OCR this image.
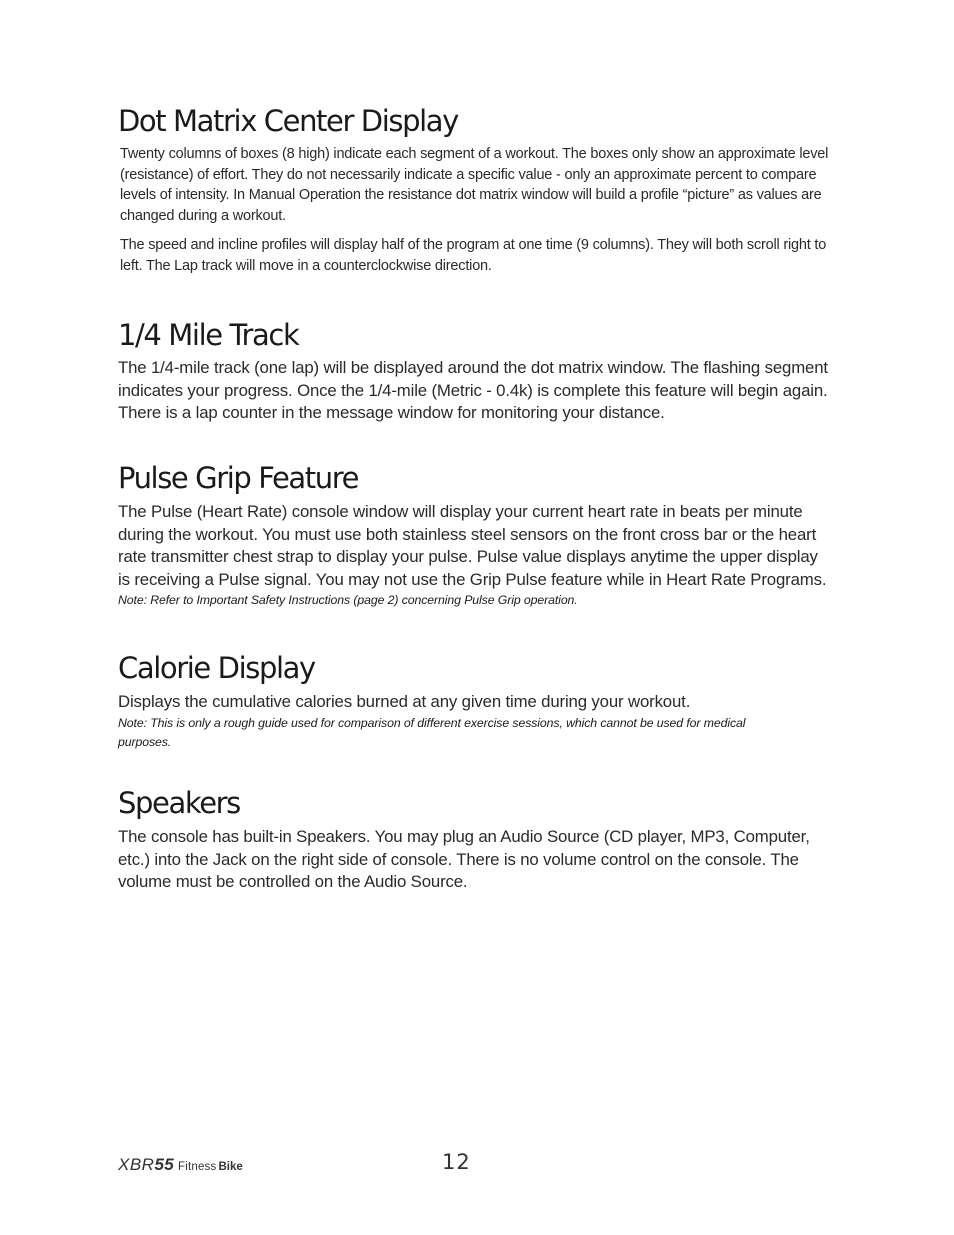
Dot Matrix Center Display

Twenty columns of boxes (8 high) indicate each segment of a workout. The boxes only show an approximate level (resistance) of effort. They do not necessarily indicate a specific value - only an approximate percent to compare levels of intensity. In Manual Operation the resistance dot matrix window will build a profile “picture” as values are changed during a workout.

The speed and incline profiles will display half of the program at one time (9 columns). They will both scroll right to left. The Lap track will move in a counterclockwise direction.

1/4 Mile Track

The 1/4-mile track (one lap) will be displayed around the dot matrix window. The flashing segment indicates your progress. Once the 1/4-mile (Metric - 0.4k) is complete this feature will begin again. There is a lap counter in the message window for monitoring your distance.

Pulse Grip Feature

The Pulse (Heart Rate) console window will display your current heart rate in beats per minute during the workout. You must use both stainless steel sensors on the front cross bar or the heart rate transmitter chest strap to display your pulse. Pulse value displays anytime the upper display is receiving a Pulse signal. You may not use the Grip Pulse feature while in Heart Rate Programs.

Note: Refer to Important Safety Instructions (page 2) concerning Pulse Grip operation.

Calorie Display

Displays the cumulative calories burned at any given time during your workout.

Note: This is only a rough guide used for comparison of different exercise sessions, which cannot be used for medical purposes.

Speakers

The console has built-in Speakers. You may plug an Audio Source (CD player, MP3, Computer, etc.) into the Jack on the right side of console. There is no volume control on the console. The volume must be controlled on the Audio Source.

XBR55 Fitness Bike	12
